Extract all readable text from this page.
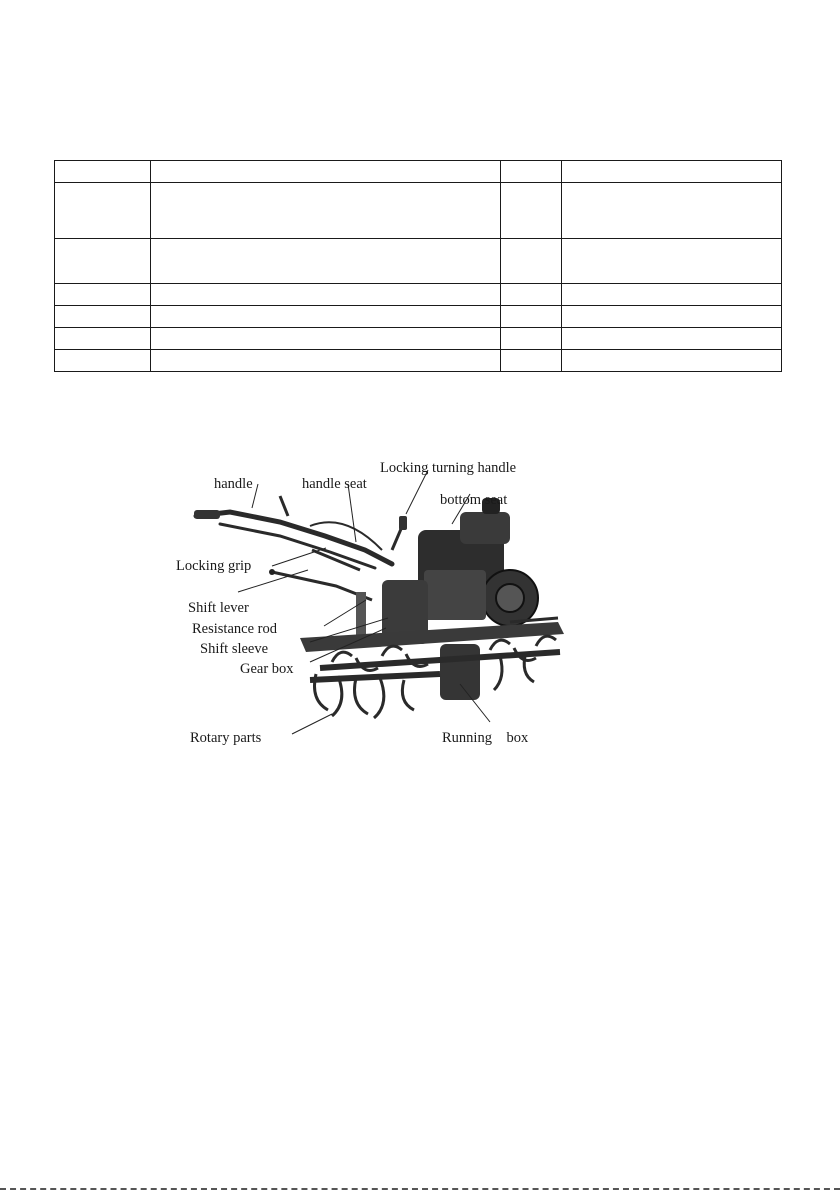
handle	handle seat
Locking turning handle
bottom seat
Locking grip
Shift lever
Resistance rod
Shift sleeve
Gear box
Rotary parts	Running    box
